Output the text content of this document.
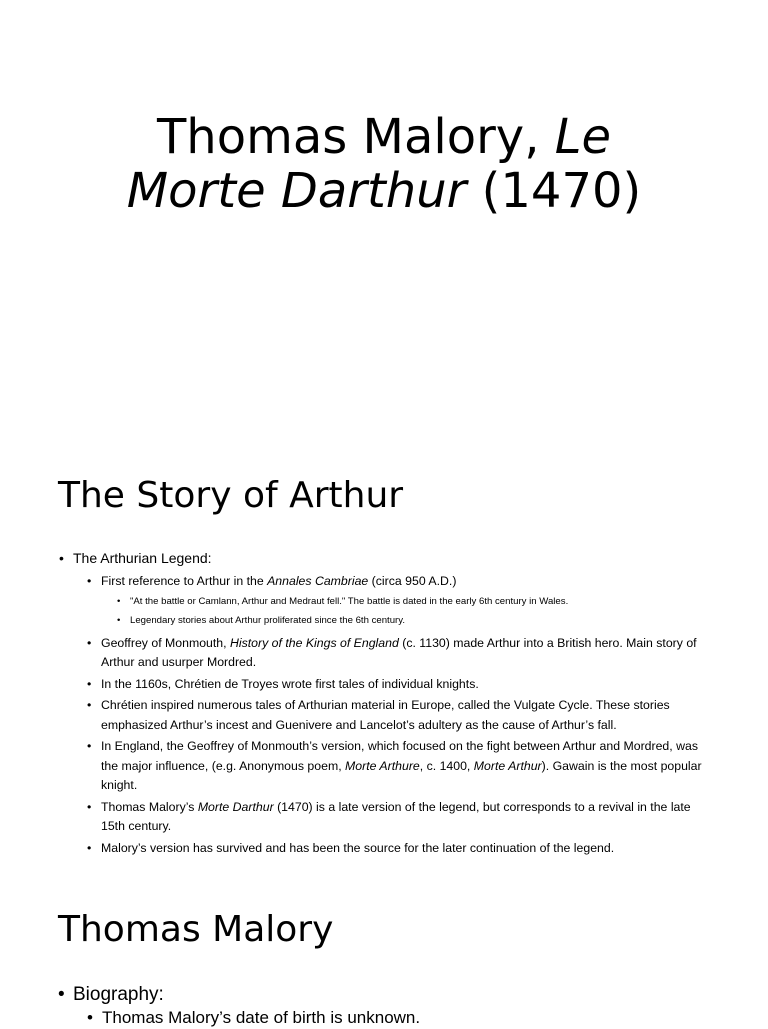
Thomas Malory, Le
Morte Darthur (1470)
The Story of Arthur
• The Arthurian Legend:
• First reference to Arthur in the Annales Cambriae (circa 950 A.D.)
• "At the battle or Camlann, Arthur and Medraut fell." The battle is dated in the early 6th century in Wales.
• Legendary stories about Arthur proliferated since the 6th century.
• Geoffrey of Monmouth, History of the Kings of England (c. 1130) made Arthur into a British hero. Main story of
Arthur and usurper Mordred.
• In the 1160s, Chrétien de Troyes wrote first tales of individual knights.
• Chrétien inspired numerous tales of Arthurian material in Europe, called the Vulgate Cycle. These stories
emphasized Arthur’s incest and Guenivere and Lancelot’s adultery as the cause of Arthur’s fall.
• In England, the Geoffrey of Monmouth’s version, which focused on the fight between Arthur and Mordred, was
the major influence, (e.g. Anonymous poem, Morte Arthure, c. 1400, Morte Arthur). Gawain is the most popular
knight.
• Thomas Malory’s Morte Darthur (1470) is a late version of the legend, but corresponds to a revival in the late
15th century.
• Malory’s version has survived and has been the source for the later continuation of the legend.
Thomas Malory
• Biography:
• Thomas Malory’s date of birth is unknown.
